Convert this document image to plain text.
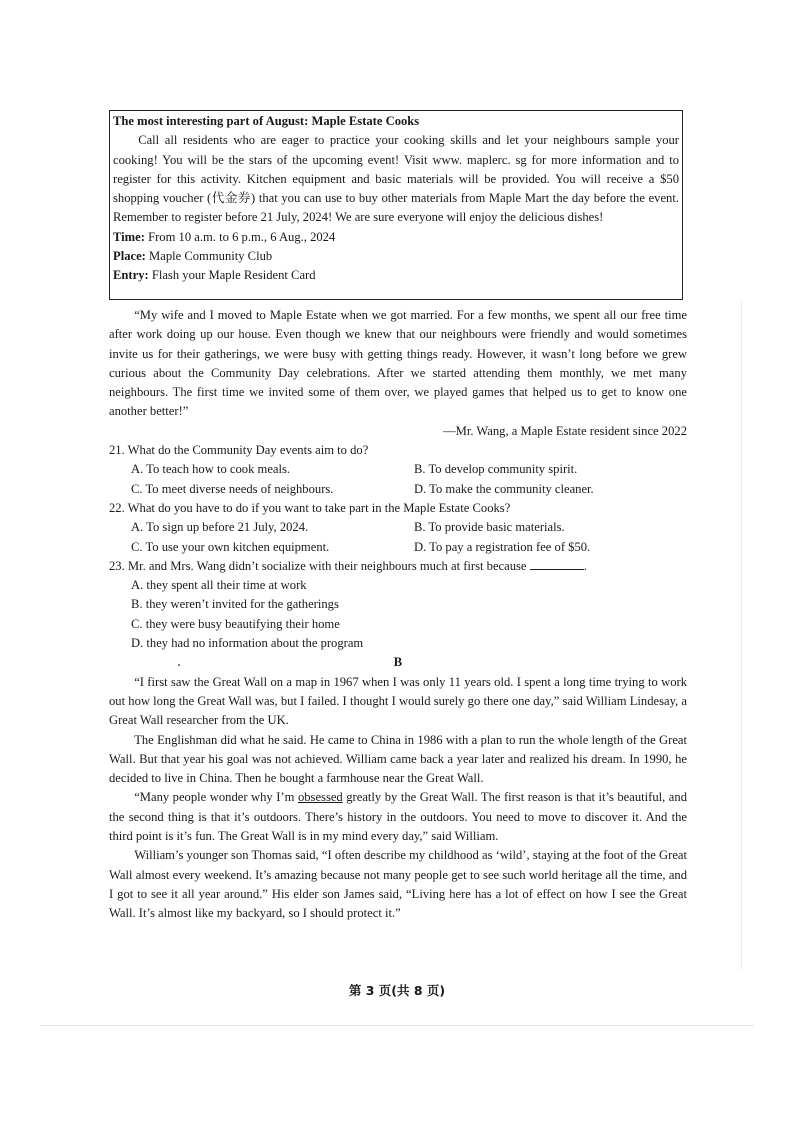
The most interesting part of August: Maple Estate Cooks

Call all residents who are eager to practice your cooking skills and let your neighbours sample your cooking! You will be the stars of the upcoming event! Visit www. maplerc. sg for more information and to register for this activity. Kitchen equipment and basic materials will be provided. You will receive a $50 shopping voucher (代金券) that you can use to buy other materials from Maple Mart the day before the event. Remember to register before 21 July, 2024! We are sure everyone will enjoy the delicious dishes!

Time: From 10 a.m. to 6 p.m., 6 Aug., 2024

Place: Maple Community Club

Entry: Flash your Maple Resident Card

“My wife and I moved to Maple Estate when we got married. For a few months, we spent all our free time after work doing up our house. Even though we knew that our neighbours were friendly and would sometimes invite us for their gatherings, we were busy with getting things ready. However, it wasn’t long before we grew curious about the Community Day celebrations. After we started attending them monthly, we met many neighbours. The first time we invited some of them over, we played games that helped us to get to know one another better!”

—Mr. Wang, a Maple Estate resident since 2022

21. What do the Community Day events aim to do?

A. To teach how to cook meals.	B. To develop community spirit.
C. To meet diverse needs of neighbours.	D. To make the community cleaner.

22. What do you have to do if you want to take part in the Maple Estate Cooks?

A. To sign up before 21 July, 2024.	B. To provide basic materials.
C. To use your own kitchen equipment.	D. To pay a registration fee of $50.

23. Mr. and Mrs. Wang didn’t socialize with their neighbours much at first because	.

A. they spent all their time at work
B. they weren’t invited for the gatherings
C. they were busy beautifying their home
D. they had no information about the program

B

“I first saw the Great Wall on a map in 1967 when I was only 11 years old. I spent a long time trying to work out how long the Great Wall was, but I failed. I thought I would surely go there one day,” said William Lindesay, a Great Wall researcher from the UK.

The Englishman did what he said. He came to China in 1986 with a plan to run the whole length of the Great Wall. But that year his goal was not achieved. William came back a year later and realized his dream. In 1990, he decided to live in China. Then he bought a farmhouse near the Great Wall.

“Many people wonder why I’m obsessed greatly by the Great Wall. The first reason is that it’s beautiful, and the second thing is that it’s outdoors. There’s history in the outdoors. You need to move to discover it. And the third point is it’s fun. The Great Wall is in my mind every day,” said William.

William’s younger son Thomas said, “I often describe my childhood as ‘wild’, staying at the foot of the Great Wall almost every weekend. It’s amazing because not many people get to see such world heritage all the time, and I got to see it all year around.” His elder son James said, “Living here has a lot of effect on how I see the Great Wall. It’s almost like my backyard, so I should protect it.”

第 3 页(共 8 页)
